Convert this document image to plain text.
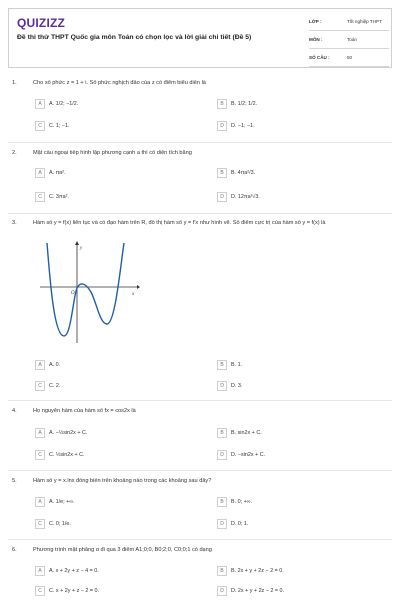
QUIZIZZ
Đề thi thử THPT Quốc gia môn Toán có chọn lọc và lời giải chi tiết (Đề 5)
LỚP :	Tốt nghiệp THPT
MÔN :	Toán
SỐ CÂU :	50
1.	Cho số phức z = 1 + i. Số phức nghịch đảo của z có điểm biểu diễn là
A	A. 1/2; −1/2.	B	B. 1/2; 1/2.
C	C. 1; −1.	D	D. −1; −1.
2.	Mặt cầu ngoại tiếp hình lập phương cạnh a thì có diện tích bằng
A	A. πa².	B	B. 4πa²/3.
C	C. 3πa².	D	D. 12πa²√3.
3.	Hàm số y = f(x) liên tục và có đạo hàm trên R, đồ thị hàm số y = f′x như hình vẽ. Số điểm cực trị của hàm số y = f(x) là
y
O	x
A	A. 0.	B	B. 1.
C	C. 2.	D	D. 3.
4.	Họ nguyên hàm của hàm số fx = cos2x là
A	A. −½sin2x + C.	B	B. sin2x + C.
C	C. ½sin2x + C.	D	D. −sin2x + C.
5.	Hàm số y = x.lnx đồng biến trên khoảng nào trong các khoảng sau đây?
A	A. 1/e; +∞.	B	B. 0; +∞.
C	C. 0; 1/e.	D	D. 0; 1.
6.	Phương trình mặt phẳng α đi qua 3 điểm A1;0;0, B0;2;0, C0;0;1 có dạng
A	A. x + 2y + z − 4 = 0.	B	B. 2x + y + 2z − 2 = 0.
C	C. x + 2y + z − 2 = 0.	D	D. 2x + y + 2z − 2 = 0.
